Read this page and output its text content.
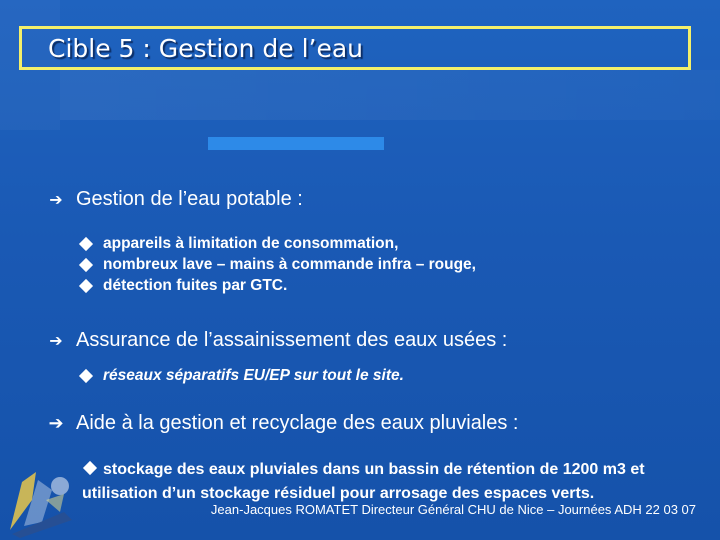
Cible 5 : Gestion de l’eau
➔ Gestion de l’eau potable :
appareils à limitation de consommation,
nombreux lave – mains à commande infra – rouge,
détection fuites par GTC.
➔ Assurance de l’assainissement des eaux usées :
réseaux séparatifs EU/EP sur tout le site.
➔ Aide à la gestion et recyclage des eaux pluviales :
stockage des eaux pluviales dans un bassin de rétention de 1200 m3 et utilisation d’un stockage résiduel pour arrosage des espaces verts.
Jean-Jacques ROMATET Directeur Général CHU de Nice – Journées ADH 22 03 07
